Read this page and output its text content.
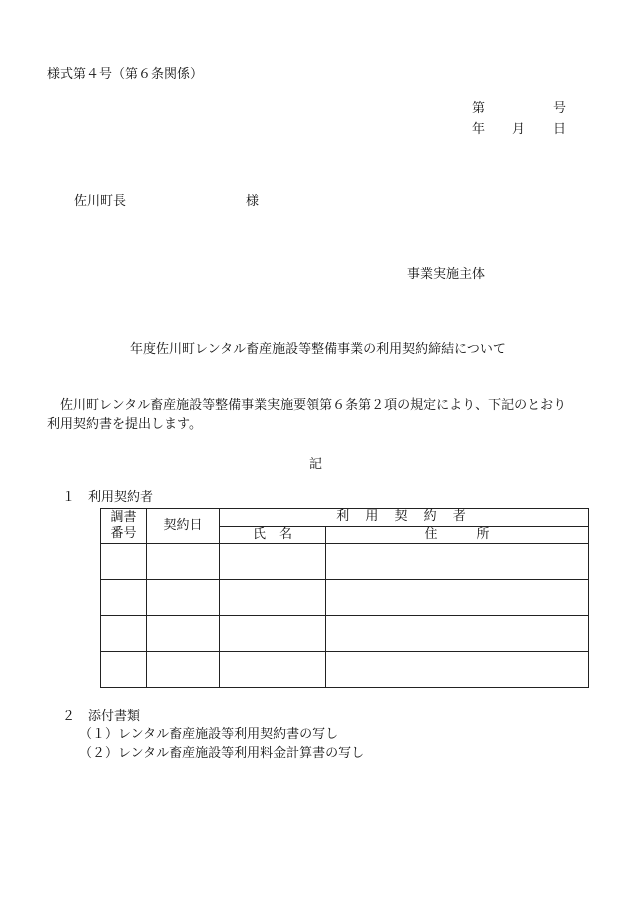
様式第４号（第６条関係）
第	号
年 月 日
佐川町長	様
事業実施主体
年度佐川町レンタル畜産施設等整備事業の利用契約締結について
佐川町レンタル畜産施設等整備事業実施要領第６条第２項の規定により、下記のとおり
利用契約書を提出します。
記
１　利用契約者
調書
番号	契約日	利 用 契 約 者	
		氏　名	住　　　所

２　添付書類
（１）レンタル畜産施設等利用契約書の写し
（２）レンタル畜産施設等利用料金計算書の写し
